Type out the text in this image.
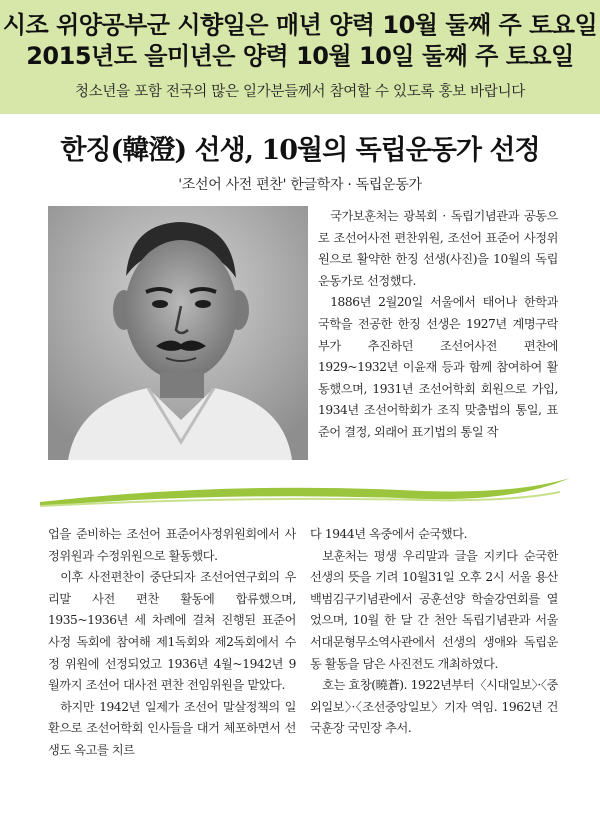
시조 위양공부군 시향일은 매년 양력 10월 둘째 주 토요일
2015년도 을미년은 양력 10월 10일 둘째 주 토요일
청소년을 포함 전국의 많은 일가분들께서 참여할 수 있도록 홍보 바랍니다
한징(韓澄) 선생, 10월의 독립운동가 선정
'조선어 사전 편찬' 한글학자 · 독립운동가

국가보훈처는 광복회 · 독립기념관과 공동으로 조선어사전 편찬위원, 조선어 표준어 사정위원으로 활약한 한징 선생(사진)을 10월의 독립운동가로 선정했다.

1886년 2월20일 서울에서 태어나 한학과 국학을 전공한 한징 선생은 1927년 계명구락부가 추진하던 조선어사전 편찬에 1929~1932년 이윤재 등과 함께 참여하여 활동했으며, 1931년 조선어학회 회원으로 가입, 1934년 조선어학회가 조직 맞춤법의 통일, 표준어 결정, 외래어 표기법의 통일 작

업을 준비하는 조선어 표준어사정위원회에서 사정위원과 수정위원으로 활동했다.

이후 사전편찬이 중단되자 조선어연구회의 우리말 사전 편찬 활동에 합류했으며, 1935~1936년 세 차례에 걸쳐 진행된 표준어 사정 독회에 참여해 제1독회와 제2독회에서 수정 위원에 선정되었고 1936년 4월~1942년 9월까지 조선어 대사전 편찬 전임위원을 맡았다.

하지만 1942년 일제가 조선어 말살정책의 일환으로 조선어학회 인사들을 대거 체포하면서 선생도 옥고를 치르

다 1944년 옥중에서 순국했다.

보훈처는 평생 우리말과 글을 지키다 순국한 선생의 뜻을 기려 10월31일 오후 2시 서울 용산 백범김구기념관에서 공훈선양 학술강연회를 열었으며, 10월 한 달 간 천안 독립기념관과 서울 서대문형무소역사관에서 선생의 생애와 독립운동 활동을 담은 사진전도 개최하였다.

호는 효창(曉蒼). 1922년부터〈시대일보〉·〈중외일보〉·〈조선중앙일보〉기자 역임. 1962년 건국훈장 국민장 추서.
